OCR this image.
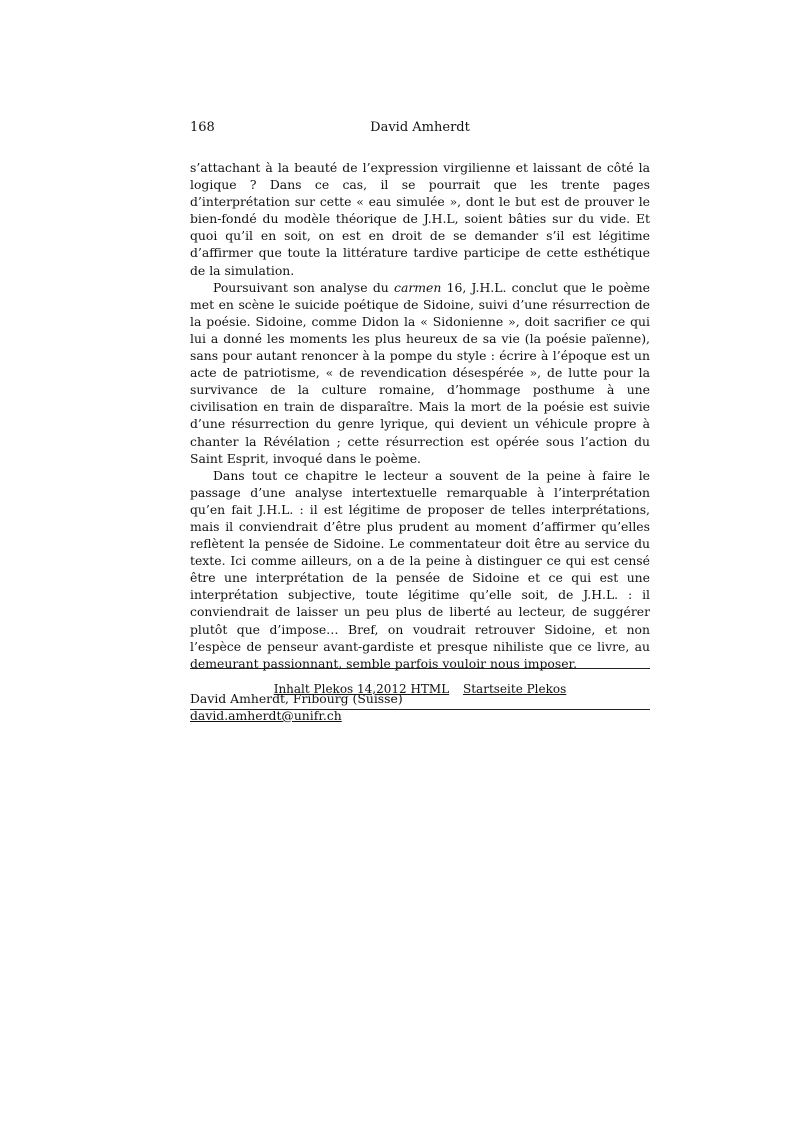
168	David Amherdt

s’attachant à la beauté de l’expression virgilienne et laissant de côté la logique ? Dans ce cas, il se pourrait que les trente pages d’interprétation sur cette « eau simulée », dont le but est de prouver le bien-fondé du modèle théorique de J.H.L, soient bâties sur du vide. Et quoi qu’il en soit, on est en droit de se demander s’il est légitime d’affirmer que toute la littérature tardive participe de cette esthétique de la simulation.

Poursuivant son analyse du carmen 16, J.H.L. conclut que le poème met en scène le suicide poétique de Sidoine, suivi d’une résurrection de la poésie. Sidoine, comme Didon la « Sidonienne », doit sacrifier ce qui lui a donné les moments les plus heureux de sa vie (la poésie païenne), sans pour autant renoncer à la pompe du style : écrire à l’époque est un acte de patriotisme, « de revendication désespérée », de lutte pour la survivance de la culture romaine, d’hommage posthume à une civilisation en train de disparaître. Mais la mort de la poésie est suivie d’une résurrection du genre lyrique, qui devient un véhicule propre à chanter la Révélation ; cette résurrection est opérée sous l’action du Saint Esprit, invoqué dans le poème.

Dans tout ce chapitre le lecteur a souvent de la peine à faire le passage d’une analyse intertextuelle remarquable à l’interprétation qu’en fait J.H.L. : il est légitime de proposer de telles interprétations, mais il conviendrait d’être plus prudent au moment d’affirmer qu’elles reflètent la pensée de Sidoine. Le commentateur doit être au service du texte. Ici comme ailleurs, on a de la peine à distinguer ce qui est censé être une interprétation de la pensée de Sidoine et ce qui est une interprétation subjective, toute légitime qu’elle soit, de J.H.L. : il conviendrait de laisser un peu plus de liberté au lecteur, de suggérer plutôt que d’impose… Bref, on voudrait retrouver Sidoine, et non l’espèce de penseur avant-gardiste et presque nihiliste que ce livre, au demeurant passionnant, semble parfois vouloir nous imposer.

David Amherdt, Fribourg (Suisse)
david.amherdt@unifr.ch
Inhalt Plekos 14,2012 HTML Startseite Plekos
